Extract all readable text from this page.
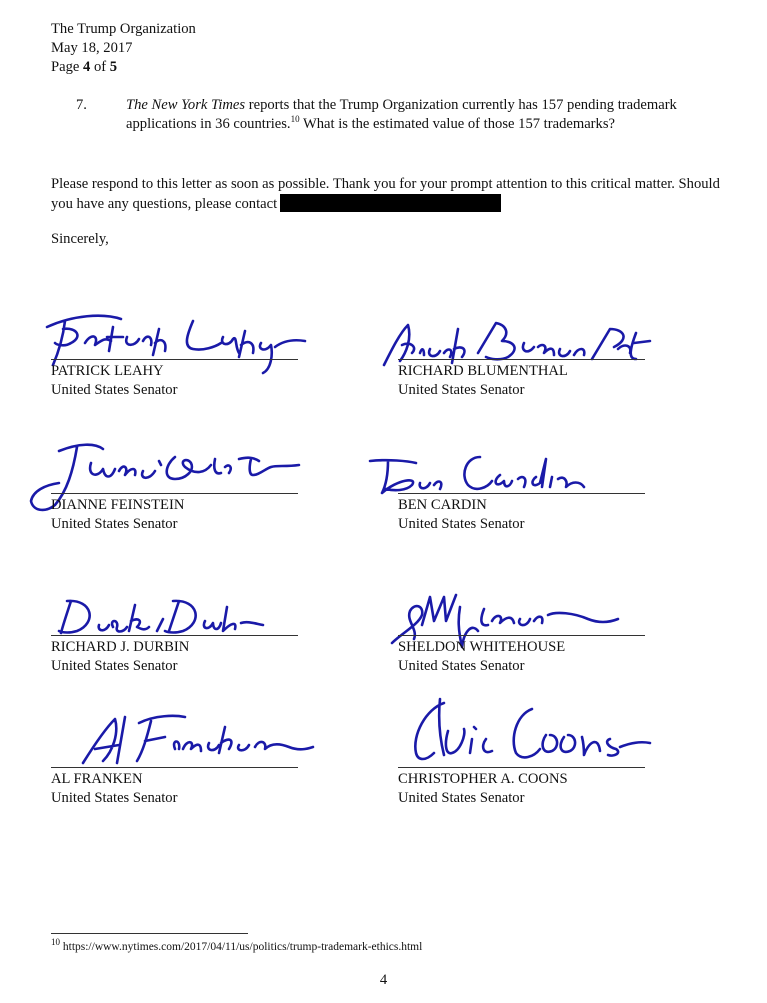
The Trump Organization
May 18, 2017
Page 4 of 5
7.	The New York Times reports that the Trump Organization currently has 157 pending trademark applications in 36 countries.$^{10}$ What is the estimated value of those 157 trademarks?
Please respond to this letter as soon as possible. Thank you for your prompt attention to this critical matter. Should you have any questions, please contact
Sincerely,
PATRICK LEAHY
United States Senator
RICHARD BLUMENTHAL
United States Senator
DIANNE FEINSTEIN
United States Senator
BEN CARDIN
United States Senator
RICHARD J. DURBIN
United States Senator
SHELDON WHITEHOUSE
United States Senator
AL FRANKEN
United States Senator
CHRISTOPHER A. COONS
United States Senator
$^{10}$ https://www.nytimes.com/2017/04/11/us/politics/trump-trademark-ethics.html
4
